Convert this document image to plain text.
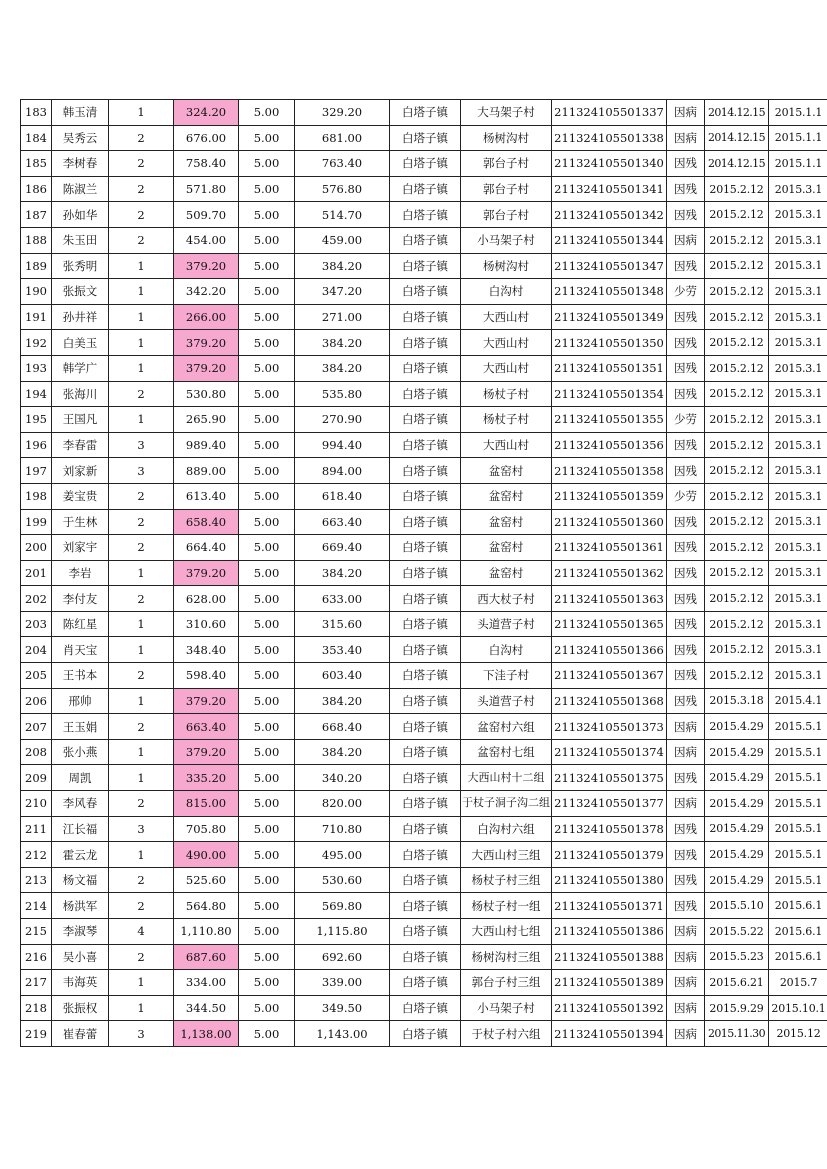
183	韩玉清	1	324.20	5.00	329.20	白塔子镇	大马架子村	211324105501337	因病	2014.12.15	2015.1.1
184	吴秀云	2	676.00	5.00	681.00	白塔子镇	杨树沟村	211324105501338	因病	2014.12.15	2015.1.1
185	李树春	2	758.40	5.00	763.40	白塔子镇	郭台子村	211324105501340	因残	2014.12.15	2015.1.1
186	陈淑兰	2	571.80	5.00	576.80	白塔子镇	郭台子村	211324105501341	因残	2015.2.12	2015.3.1
187	孙如华	2	509.70	5.00	514.70	白塔子镇	郭台子村	211324105501342	因残	2015.2.12	2015.3.1
188	朱玉田	2	454.00	5.00	459.00	白塔子镇	小马架子村	211324105501344	因病	2015.2.12	2015.3.1
189	张秀明	1	379.20	5.00	384.20	白塔子镇	杨树沟村	211324105501347	因残	2015.2.12	2015.3.1
190	张振文	1	342.20	5.00	347.20	白塔子镇	白沟村	211324105501348	少劳	2015.2.12	2015.3.1
191	孙井祥	1	266.00	5.00	271.00	白塔子镇	大西山村	211324105501349	因残	2015.2.12	2015.3.1
192	白美玉	1	379.20	5.00	384.20	白塔子镇	大西山村	211324105501350	因残	2015.2.12	2015.3.1
193	韩学广	1	379.20	5.00	384.20	白塔子镇	大西山村	211324105501351	因残	2015.2.12	2015.3.1
194	张海川	2	530.80	5.00	535.80	白塔子镇	杨杖子村	211324105501354	因残	2015.2.12	2015.3.1
195	王国凡	1	265.90	5.00	270.90	白塔子镇	杨杖子村	211324105501355	少劳	2015.2.12	2015.3.1
196	李春雷	3	989.40	5.00	994.40	白塔子镇	大西山村	211324105501356	因残	2015.2.12	2015.3.1
197	刘家新	3	889.00	5.00	894.00	白塔子镇	盆窑村	211324105501358	因残	2015.2.12	2015.3.1
198	姜宝贵	2	613.40	5.00	618.40	白塔子镇	盆窑村	211324105501359	少劳	2015.2.12	2015.3.1
199	于生林	2	658.40	5.00	663.40	白塔子镇	盆窑村	211324105501360	因残	2015.2.12	2015.3.1
200	刘家宇	2	664.40	5.00	669.40	白塔子镇	盆窑村	211324105501361	因残	2015.2.12	2015.3.1
201	李岩	1	379.20	5.00	384.20	白塔子镇	盆窑村	211324105501362	因残	2015.2.12	2015.3.1
202	李付友	2	628.00	5.00	633.00	白塔子镇	西大杖子村	211324105501363	因残	2015.2.12	2015.3.1
203	陈红星	1	310.60	5.00	315.60	白塔子镇	头道营子村	211324105501365	因残	2015.2.12	2015.3.1
204	肖天宝	1	348.40	5.00	353.40	白塔子镇	白沟村	211324105501366	因残	2015.2.12	2015.3.1
205	王书本	2	598.40	5.00	603.40	白塔子镇	下洼子村	211324105501367	因残	2015.2.12	2015.3.1
206	邢帅	1	379.20	5.00	384.20	白塔子镇	头道营子村	211324105501368	因残	2015.3.18	2015.4.1
207	王玉娟	2	663.40	5.00	668.40	白塔子镇	盆窑村六组	211324105501373	因病	2015.4.29	2015.5.1
208	张小燕	1	379.20	5.00	384.20	白塔子镇	盆窑村七组	211324105501374	因病	2015.4.29	2015.5.1
209	周凯	1	335.20	5.00	340.20	白塔子镇	大西山村十二组	211324105501375	因残	2015.4.29	2015.5.1
210	李风春	2	815.00	5.00	820.00	白塔子镇	于杖子洞子沟二组	211324105501377	因病	2015.4.29	2015.5.1
211	江长福	3	705.80	5.00	710.80	白塔子镇	白沟村六组	211324105501378	因残	2015.4.29	2015.5.1
212	霍云龙	1	490.00	5.00	495.00	白塔子镇	大西山村三组	211324105501379	因残	2015.4.29	2015.5.1
213	杨文福	2	525.60	5.00	530.60	白塔子镇	杨杖子村三组	211324105501380	因残	2015.4.29	2015.5.1
214	杨洪军	2	564.80	5.00	569.80	白塔子镇	杨杖子村一组	211324105501371	因残	2015.5.10	2015.6.1
215	李淑琴	4	1,110.80	5.00	1,115.80	白塔子镇	大西山村七组	211324105501386	因病	2015.5.22	2015.6.1
216	吴小喜	2	687.60	5.00	692.60	白塔子镇	杨树沟村三组	211324105501388	因病	2015.5.23	2015.6.1
217	韦海英	1	334.00	5.00	339.00	白塔子镇	郭台子村三组	211324105501389	因病	2015.6.21	2015.7
218	张振权	1	344.50	5.00	349.50	白塔子镇	小马架子村	211324105501392	因病	2015.9.29	2015.10.1
219	崔春蕾	3	1,138.00	5.00	1,143.00	白塔子镇	于杖子村六组	211324105501394	因病	2015.11.30	2015.12
